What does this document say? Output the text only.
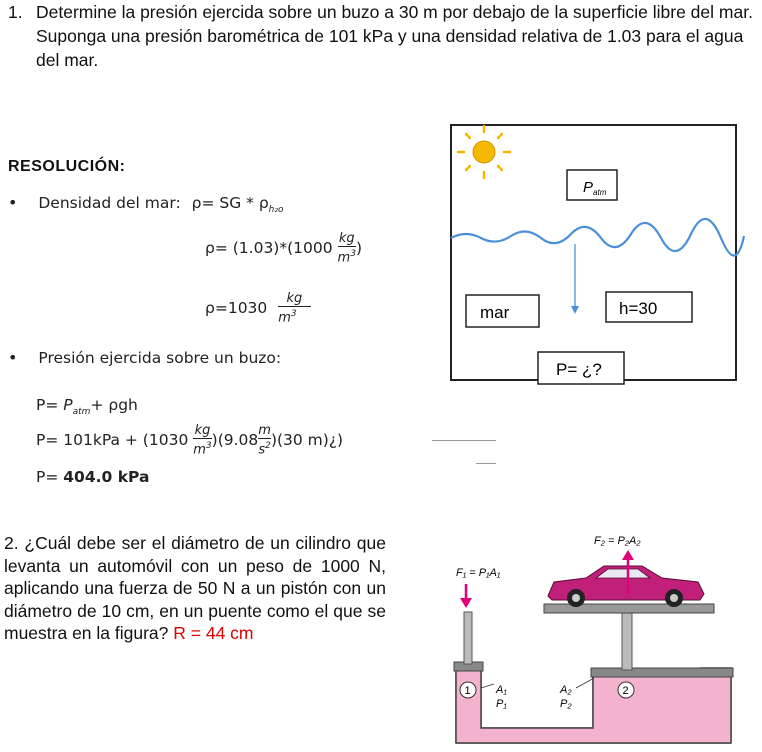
1. Determine la presión ejercida sobre un buzo a 30 m por debajo de la superficie libre del mar. Suponga una presión barométrica de 101 kPa y una densidad relativa de 1.03 para el agua del mar.
RESOLUCIÓN:
• Densidad del mar: ρ= SG * $\rho_{h_2o}$
$\rho= (1.03)*(1000 \frac{kg}{m^3}$ )
$\rho=1030 \frac{kg}{m^3}$
• Presión ejercida sobre un buzo:
$P= P_{atm}+ \rho gh$
$P= 101kPa + (1030 \frac{kg}{m^3} )(9.08 \frac{m}{s^2} )(30$ m)¿)
P= 404.0 kPa
$P_{atm}$
mar	h=30
P= ¿?
2. ¿Cuál debe ser el diámetro de un cilindro que levanta un automóvil con un peso de 1000 N, aplicando una fuerza de 50 N a un pistón con un diámetro de 10 cm, en un puente como el que se muestra en la figura? R = 44 cm
F₁ = P₁A₁
F₂ = P₂A₂
1 A₁
P₁
A₂
P₂
2
